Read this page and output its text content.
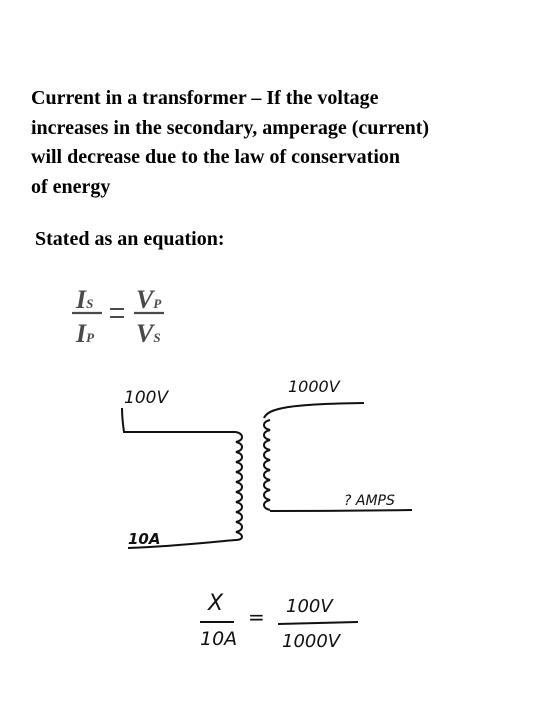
Current in a transformer – If the voltage
increases in the secondary, amperage (current)
will decrease due to the law of conservation
of energy
Stated as an equation:

IS
IP
VP
VS
100V
1000V
10A
? AMPS
X
10A
= 100V
1000V
